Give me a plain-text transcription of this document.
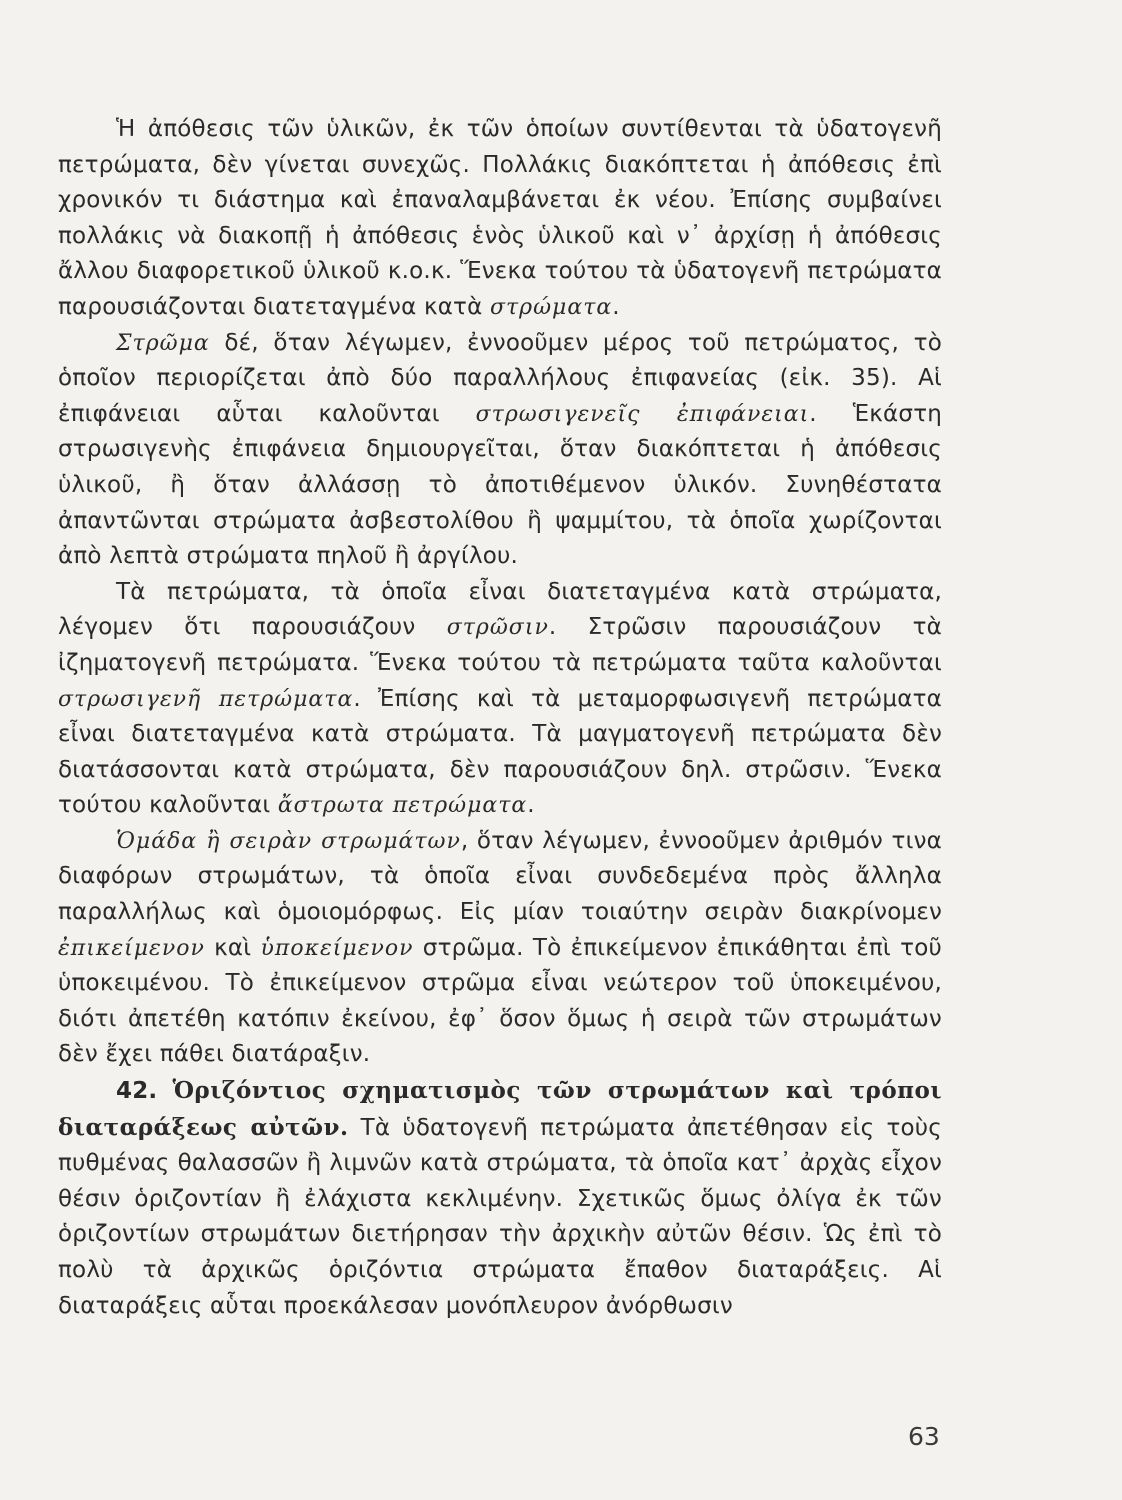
Ἡ ἀπόθεσις τῶν ὑλικῶν, ἐκ τῶν ὁποίων συντίθενται τὰ ὑδατογενῆ πετρώματα, δὲν γίνεται συνεχῶς. Πολλάκις διακόπτεται ἡ ἀπόθεσις ἐπὶ χρονικόν τι διάστημα καὶ ἐπαναλαμβάνεται ἐκ νέου. Ἐπίσης συμβαίνει πολλάκις νὰ διακοπῇ ἡ ἀπόθεσις ἑνὸς ὑλικοῦ καὶ ν᾿ ἀρχίσῃ ἡ ἀπόθεσις ἄλλου διαφορετικοῦ ὑλικοῦ κ.ο.κ. Ἕνεκα τούτου τὰ ὑδατογενῆ πετρώματα παρουσιάζονται διατεταγμένα κατὰ στρώματα.

Στρῶμα δέ, ὅταν λέγωμεν, ἐννοοῦμεν μέρος τοῦ πετρώματος, τὸ ὁποῖον περιορίζεται ἀπὸ δύο παραλλήλους ἐπιφανείας (εἰκ. 35). Αἱ ἐπιφάνειαι αὗται καλοῦνται στρωσιγενεῖς ἐπιφάνειαι. Ἑκάστη στρωσιγενὴς ἐπιφάνεια δημιουργεῖται, ὅταν διακόπτεται ἡ ἀπόθεσις ὑλικοῦ, ἢ ὅταν ἀλλάσσῃ τὸ ἀποτιθέμενον ὑλικόν. Συνηθέστατα ἀπαντῶνται στρώματα ἀσβεστολίθου ἢ ψαμμίτου, τὰ ὁποῖα χωρίζονται ἀπὸ λεπτὰ στρώματα πηλοῦ ἢ ἀργίλου.

Τὰ πετρώματα, τὰ ὁποῖα εἶναι διατεταγμένα κατὰ στρώματα, λέγομεν ὅτι παρουσιάζουν στρῶσιν. Στρῶσιν παρουσιάζουν τὰ ἰζηματογενῆ πετρώματα. Ἕνεκα τούτου τὰ πετρώματα ταῦτα καλοῦνται στρωσιγενῆ πετρώματα. Ἐπίσης καὶ τὰ μεταμορφωσιγενῆ πετρώματα εἶναι διατεταγμένα κατὰ στρώματα. Τὰ μαγματογενῆ πετρώματα δὲν διατάσσονται κατὰ στρώματα, δὲν παρουσιάζουν δηλ. στρῶσιν. Ἕνεκα τούτου καλοῦνται ἄστρωτα πετρώματα.

Ὁμάδα ἢ σειρὰν στρωμάτων, ὅταν λέγωμεν, ἐννοοῦμεν ἀριθμόν τινα διαφόρων στρωμάτων, τὰ ὁποῖα εἶναι συνδεδεμένα πρὸς ἄλληλα παραλλήλως καὶ ὁμοιομόρφως. Εἰς μίαν τοιαύτην σειρὰν διακρίνομεν ἐπικείμενον καὶ ὑποκείμενον στρῶμα. Τὸ ἐπικείμενον ἐπικάθηται ἐπὶ τοῦ ὑποκειμένου. Τὸ ἐπικείμενον στρῶμα εἶναι νεώτερον τοῦ ὑποκειμένου, διότι ἀπετέθη κατόπιν ἐκείνου, ἐφ᾿ ὅσον ὅμως ἡ σειρὰ τῶν στρωμάτων δὲν ἔχει πάθει διατάραξιν.

42. Ὁριζόντιος σχηματισμὸς τῶν στρωμάτων καὶ τρόποι διαταράξεως αὐτῶν. Τὰ ὑδατογενῆ πετρώματα ἀπετέθησαν εἰς τοὺς πυθμένας θαλασσῶν ἢ λιμνῶν κατὰ στρώματα, τὰ ὁποῖα κατ᾿ ἀρχὰς εἶχον θέσιν ὁριζοντίαν ἢ ἐλάχιστα κεκλιμένην. Σχετικῶς ὅμως ὀλίγα ἐκ τῶν ὁριζοντίων στρωμάτων διετήρησαν τὴν ἀρχικὴν αὐτῶν θέσιν. Ὡς ἐπὶ τὸ πολὺ τὰ ἀρχικῶς ὁριζόντια στρώματα ἔπαθον διαταράξεις. Αἱ διαταράξεις αὗται προεκάλεσαν μονόπλευρον ἀνόρθωσιν

63
